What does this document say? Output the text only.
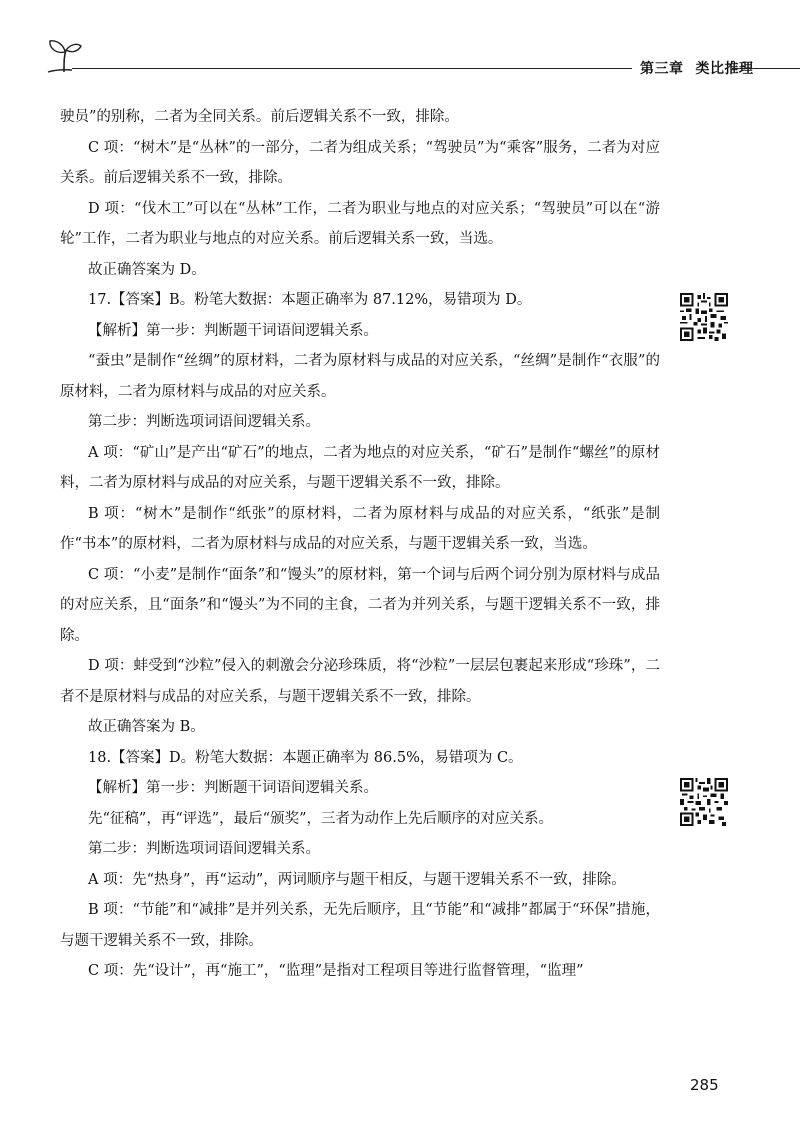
第三章 类比推理

驶员”的别称，二者为全同关系。前后逻辑关系不一致，排除。

C 项：“树木”是“丛林”的一部分，二者为组成关系；“驾驶员”为“乘客”服务，二者为对应关系。前后逻辑关系不一致，排除。

D 项：“伐木工”可以在“丛林”工作，二者为职业与地点的对应关系；“驾驶员”可以在“游轮”工作，二者为职业与地点的对应关系。前后逻辑关系一致，当选。

故正确答案为 D。

17.【答案】B。粉笔大数据：本题正确率为 87.12%，易错项为 D。

【解析】第一步：判断题干词语间逻辑关系。

“蚕虫”是制作“丝绸”的原材料，二者为原材料与成品的对应关系，“丝绸”是制作“衣服”的原材料，二者为原材料与成品的对应关系。

第二步：判断选项词语间逻辑关系。

A 项：“矿山”是产出“矿石”的地点，二者为地点的对应关系，“矿石”是制作“螺丝”的原材料，二者为原材料与成品的对应关系，与题干逻辑关系不一致，排除。

B 项：“树木”是制作“纸张”的原材料，二者为原材料与成品的对应关系，“纸张”是制作“书本”的原材料，二者为原材料与成品的对应关系，与题干逻辑关系一致，当选。

C 项：“小麦”是制作“面条”和“馒头”的原材料，第一个词与后两个词分别为原材料与成品的对应关系，且“面条”和“馒头”为不同的主食，二者为并列关系，与题干逻辑关系不一致，排除。

D 项：蚌受到“沙粒”侵入的刺激会分泌珍珠质，将“沙粒”一层层包裹起来形成“珍珠”，二者不是原材料与成品的对应关系，与题干逻辑关系不一致，排除。

故正确答案为 B。

18.【答案】D。粉笔大数据：本题正确率为 86.5%，易错项为 C。

【解析】第一步：判断题干词语间逻辑关系。

先“征稿”，再“评选”，最后“颁奖”，三者为动作上先后顺序的对应关系。

第二步：判断选项词语间逻辑关系。

A 项：先“热身”，再“运动”，两词顺序与题干相反，与题干逻辑关系不一致，排除。

B 项：“节能”和“减排”是并列关系，无先后顺序，且“节能”和“减排”都属于“环保”措施，与题干逻辑关系不一致，排除。

C 项：先“设计”，再“施工”，“监理”是指对工程项目等进行监督管理，“监理”

285
